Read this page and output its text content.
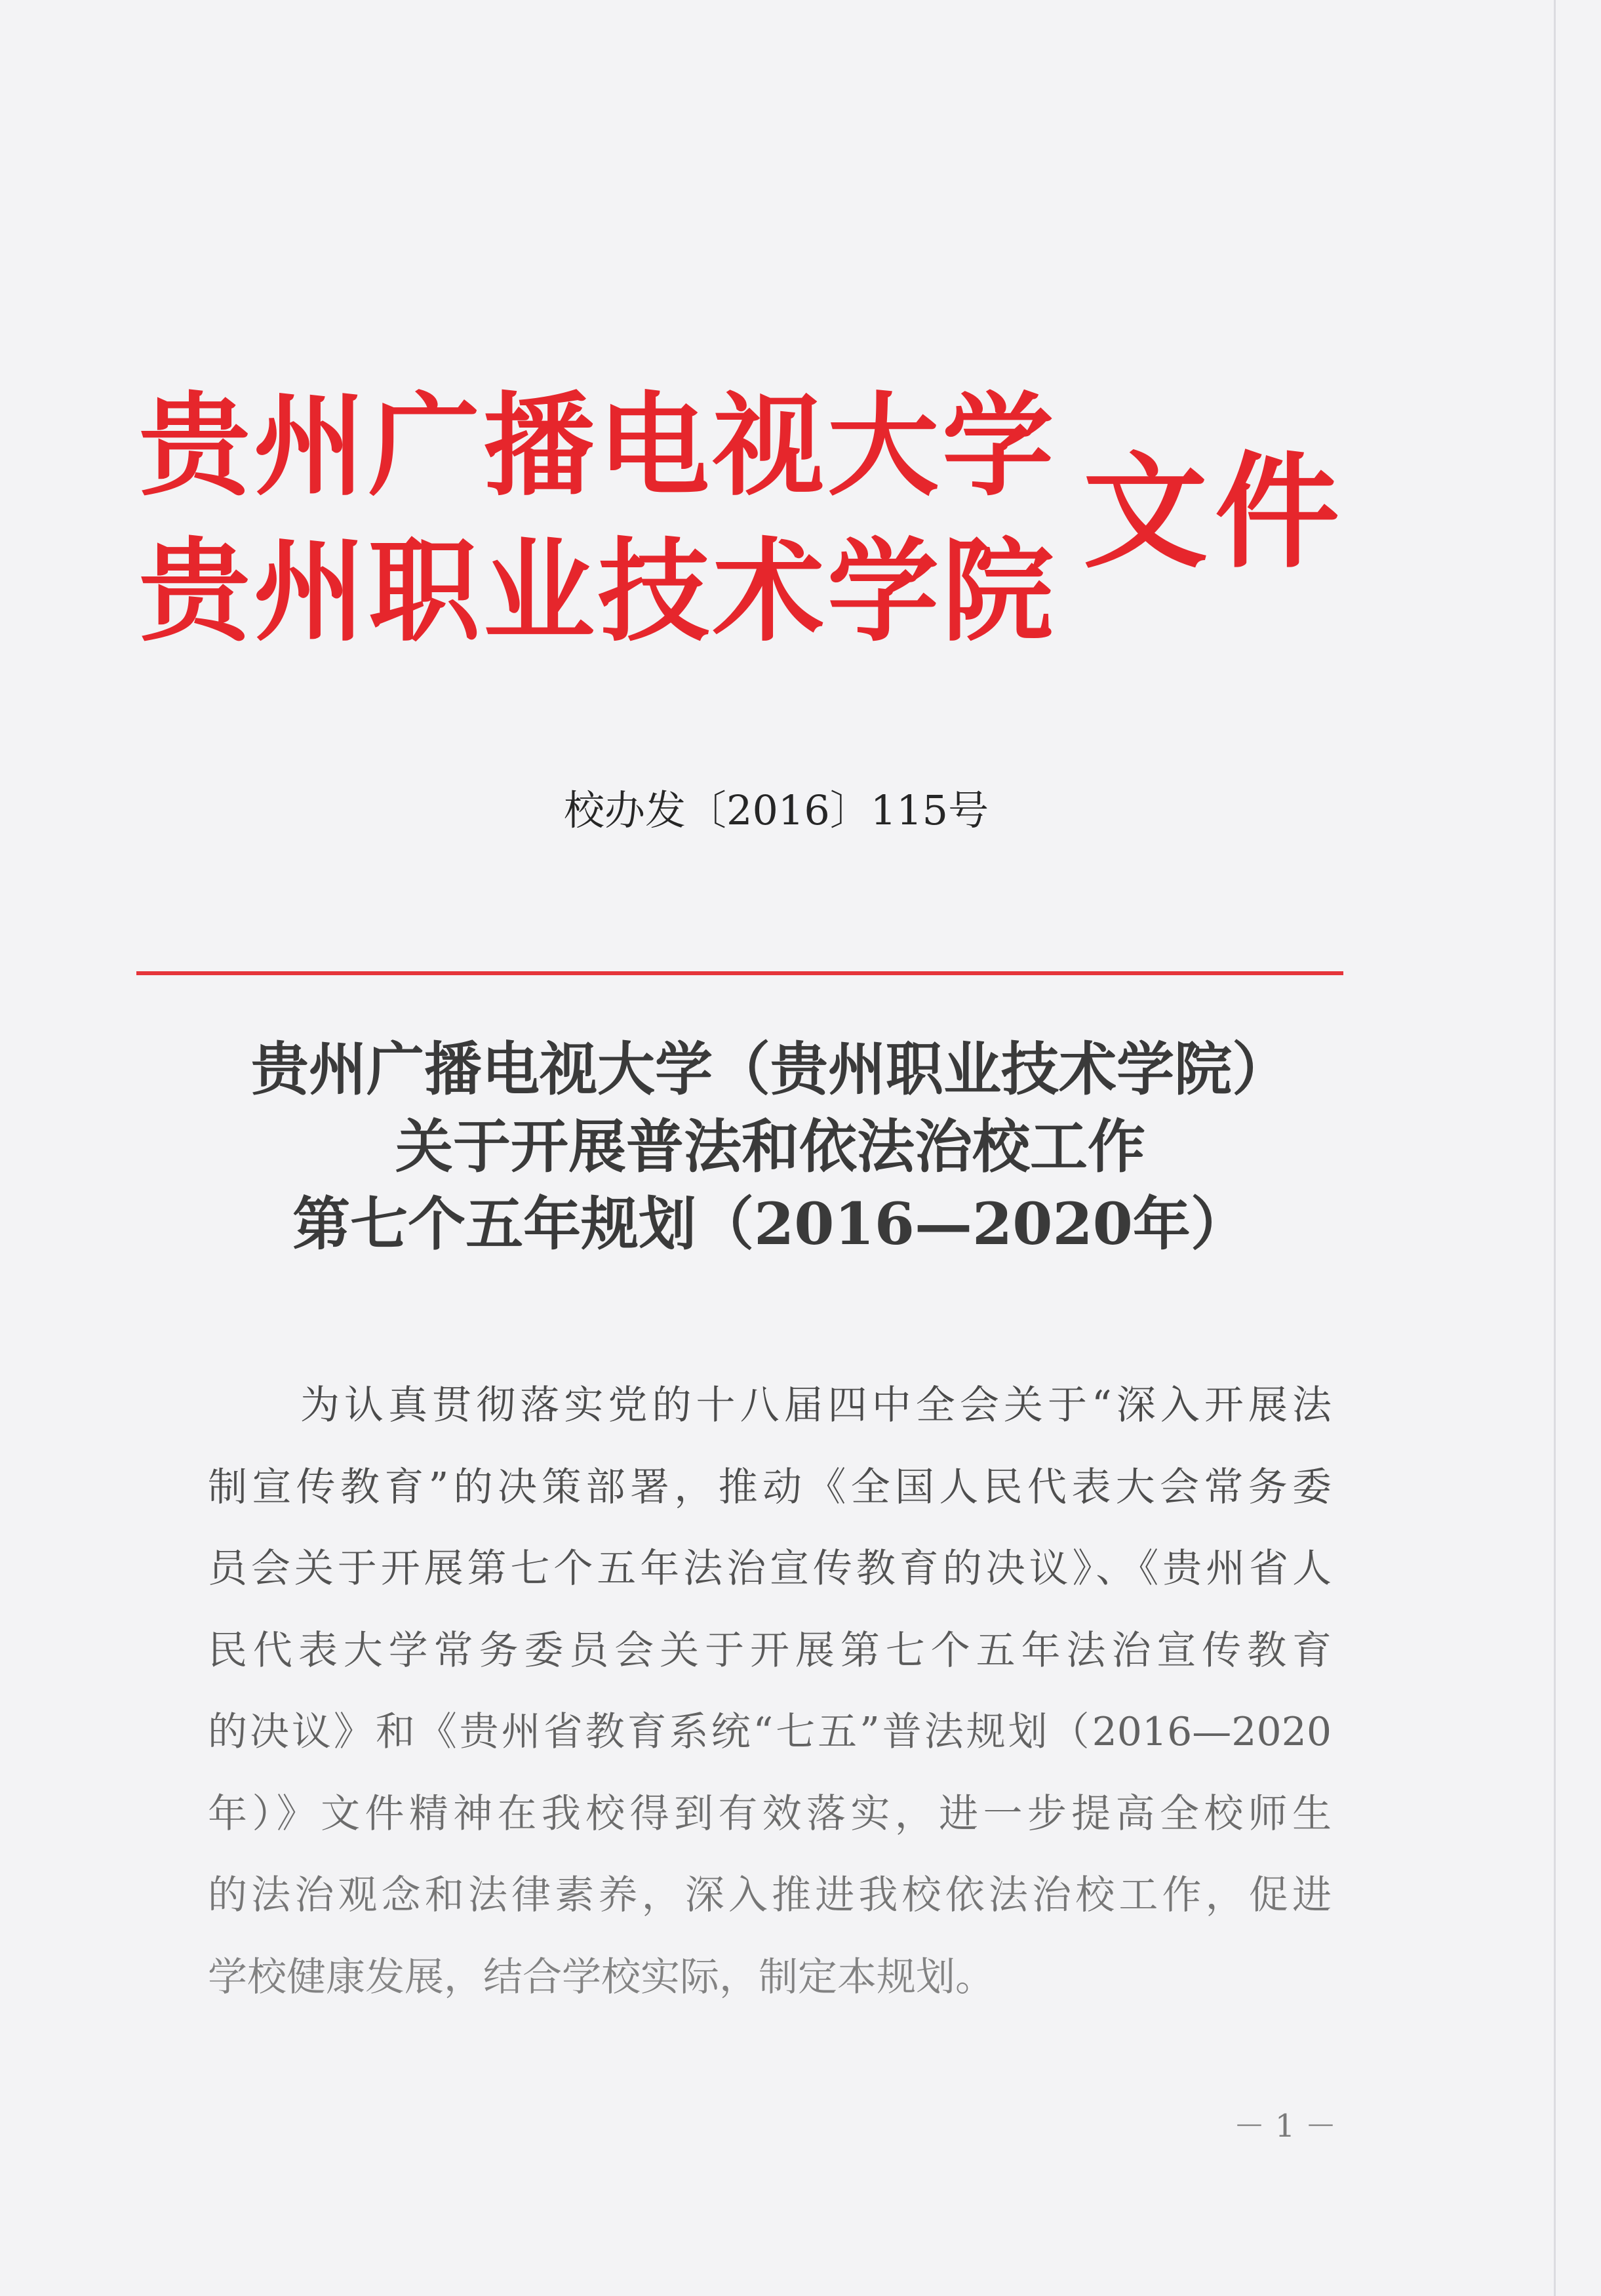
贵州广播电视大学
贵州职业技术学院
文件
校办发〔2016〕115号
贵州广播电视大学（贵州职业技术学院）
关于开展普法和依法治校工作
第七个五年规划（2016—2020年）
为认真贯彻落实党的十八届四中全会关于“深入开展法
制宣传教育”的决策部署，推动《全国人民代表大会常务委
员会关于开展第七个五年法治宣传教育的决议》、《贵州省人
民代表大学常务委员会关于开展第七个五年法治宣传教育
的决议》和《贵州省教育系统“七五”普法规划（2016—2020
年）》文件精神在我校得到有效落实，进一步提高全校师生
的法治观念和法律素养，深入推进我校依法治校工作，促进
学校健康发展，结合学校实际，制定本规划。
－ 1 －
